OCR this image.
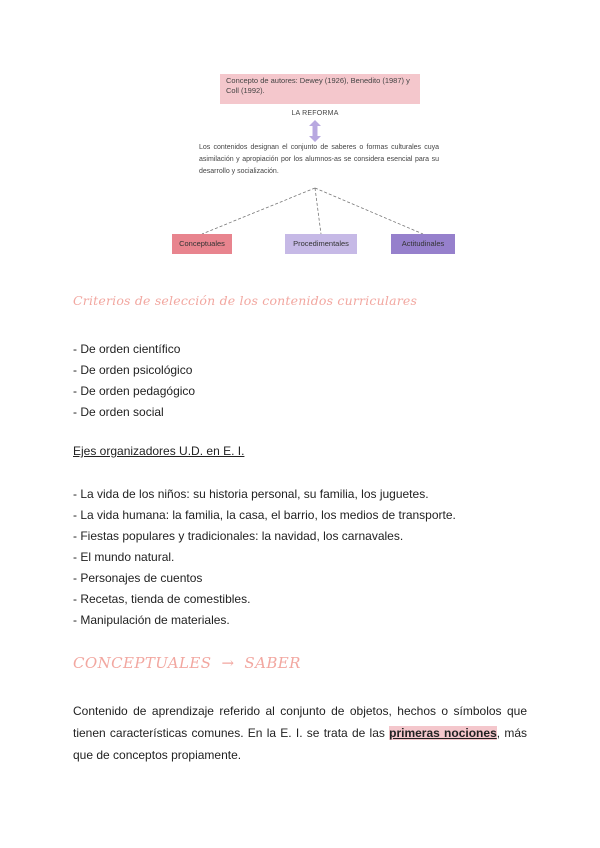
Concepto de autores: Dewey (1926), Benedito (1987) y Coll (1992).
LA REFORMA
Los contenidos designan el conjunto de saberes o formas culturales cuya asimilación y apropiación por los alumnos-as se considera esencial para su desarrollo y socialización.
Conceptuales	Procedimentales	Actitudinales
Criterios de selección de los contenidos curriculares
- De orden científico
- De orden psicológico
- De orden pedagógico
- De orden social
Ejes organizadores U.D. en E. I.
- La vida de los niños: su historia personal, su familia, los juguetes.
- La vida humana: la familia, la casa, el barrio, los medios de transporte.
- Fiestas populares y tradicionales: la navidad, los carnavales.
- El mundo natural.
- Personajes de cuentos
- Recetas, tienda de comestibles.
- Manipulación de materiales.
CONCEPTUALES → SABER

Contenido de aprendizaje referido al conjunto de objetos, hechos o símbolos que tienen características comunes. En la E. I. se trata de las primeras nociones, más que de conceptos propiamente.
